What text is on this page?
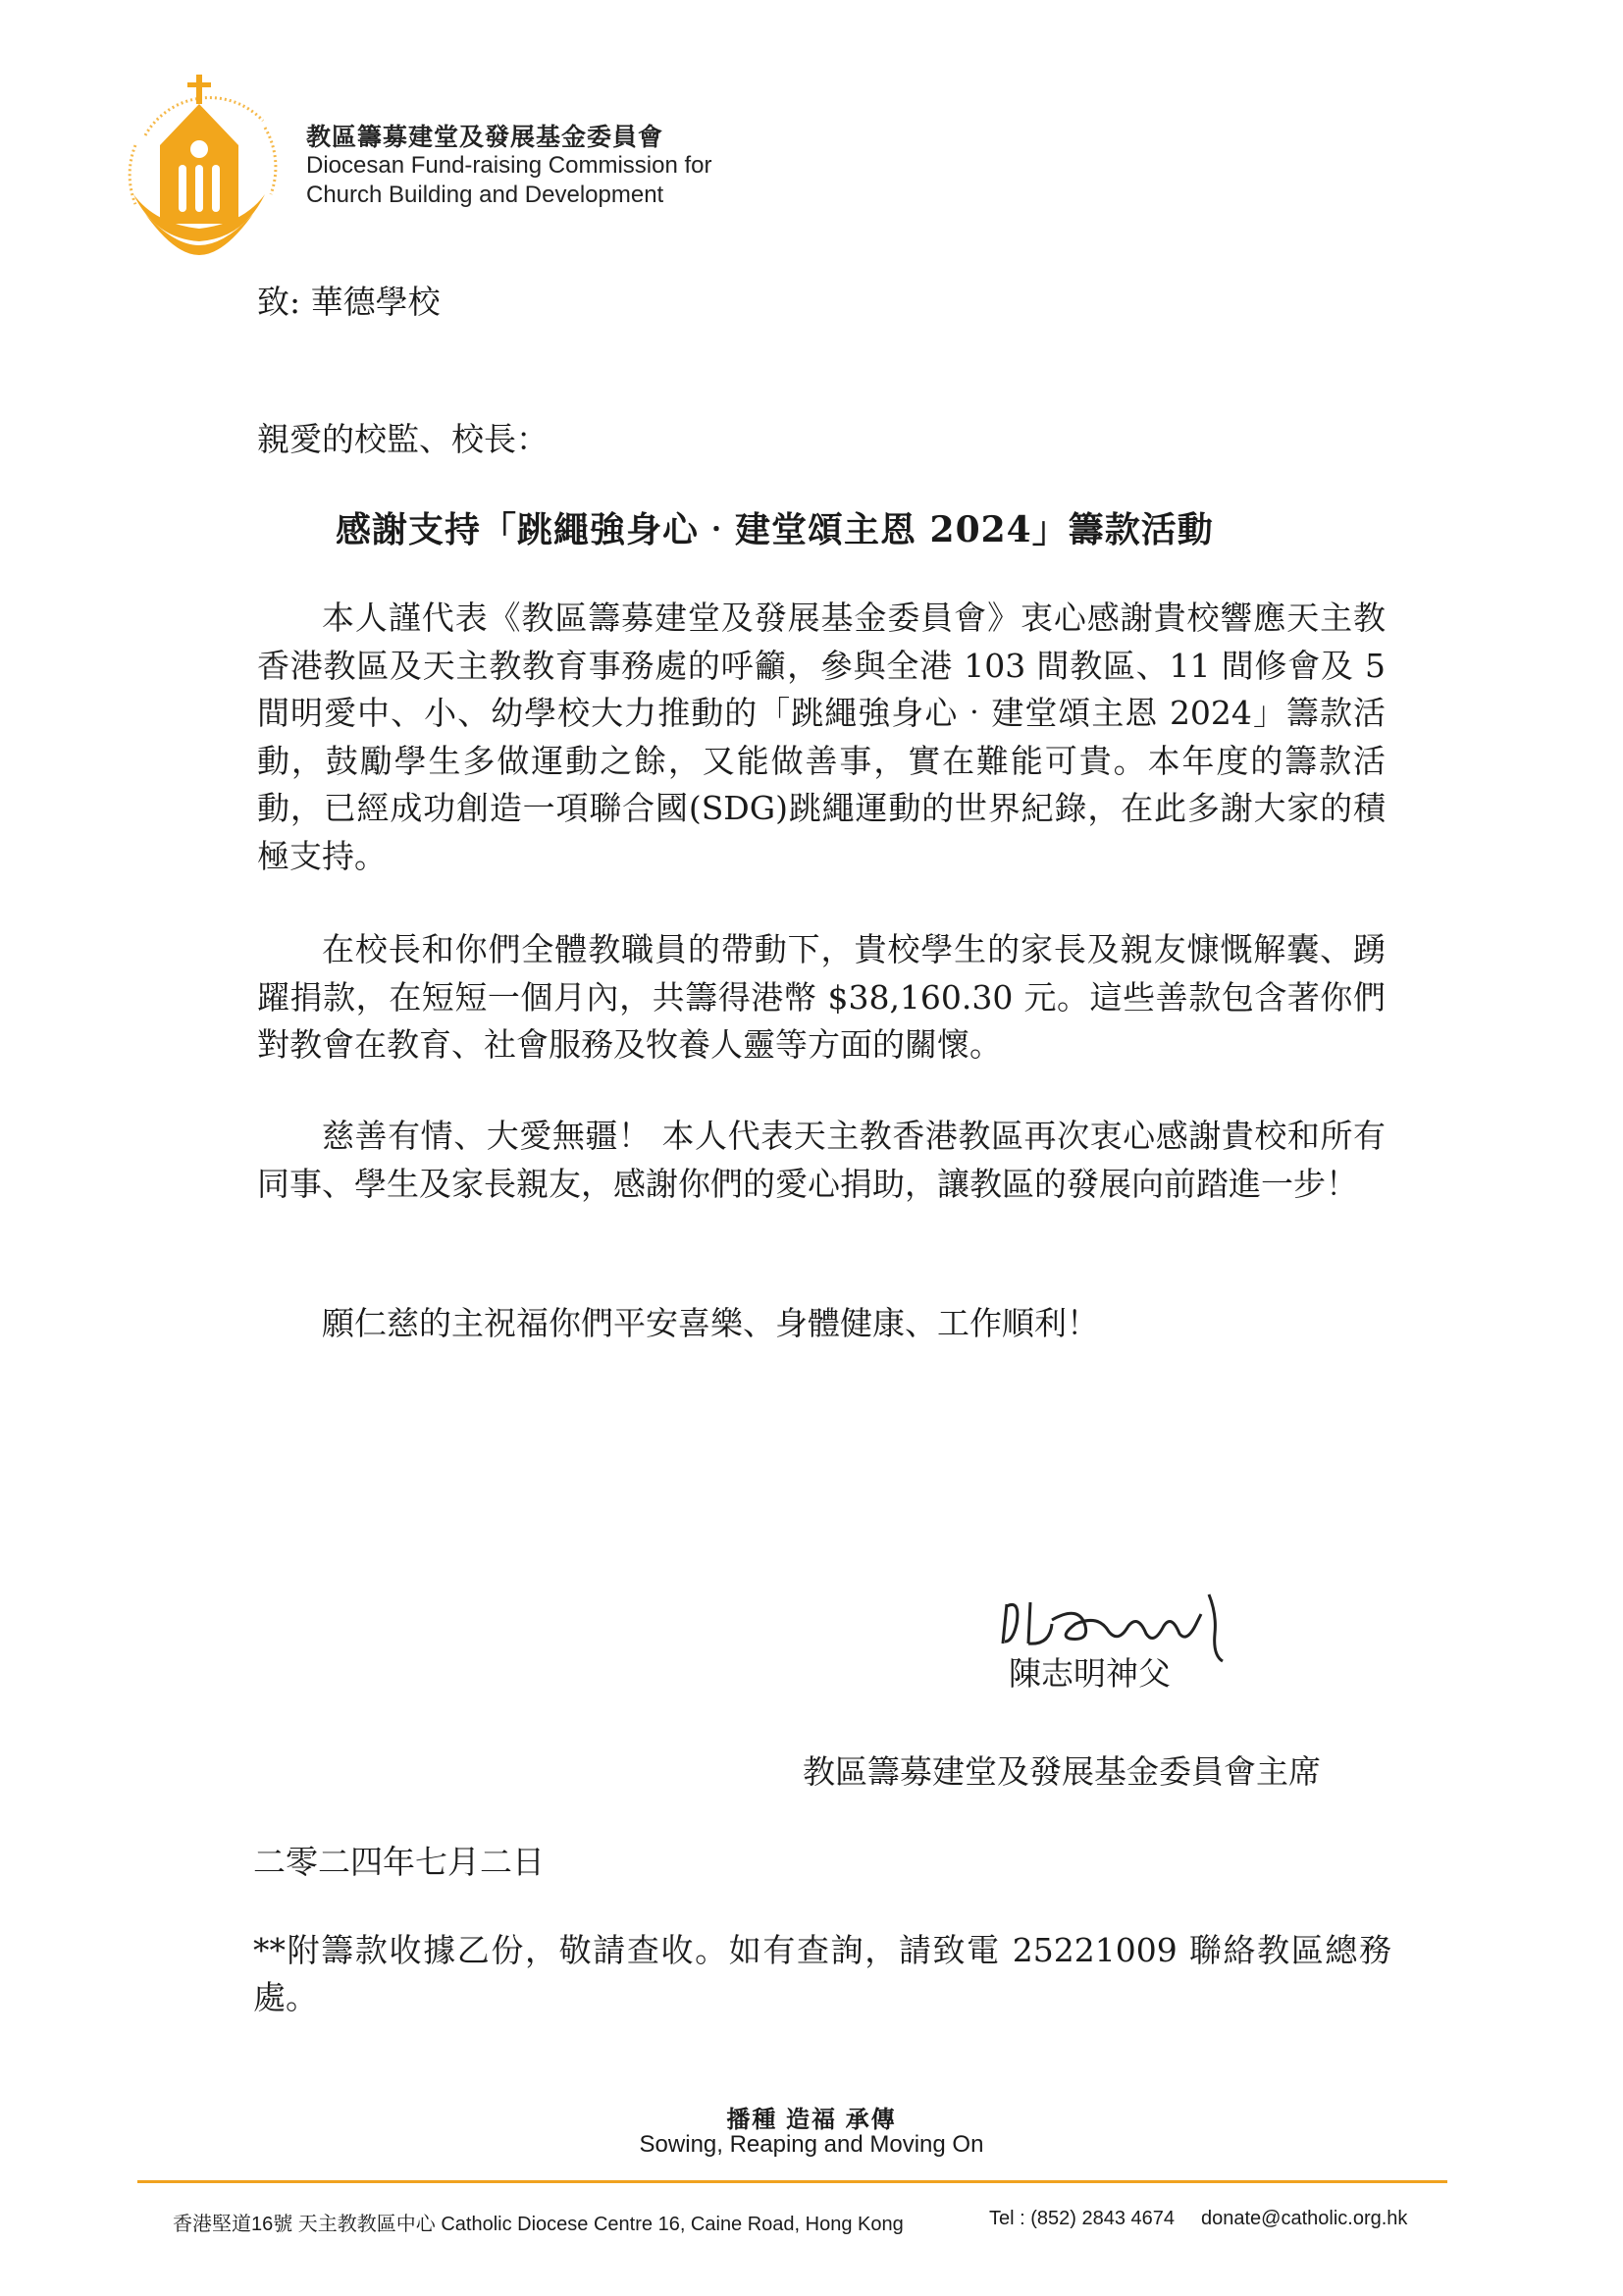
教區籌募建堂及發展基金委員會
Diocesan Fund-raising Commission for
Church Building and Development
致: 華德學校
親愛的校監、校長：
感謝支持「跳繩強身心‧建堂頌主恩 2024」籌款活動

本人謹代表《教區籌募建堂及發展基金委員會》衷心感謝貴校響應天主教香港教區及天主教教育事務處的呼籲，參與全港 103 間教區、11 間修會及 5 間明愛中、小、幼學校大力推動的「跳繩強身心‧建堂頌主恩 2024」籌款活動，鼓勵學生多做運動之餘，又能做善事，實在難能可貴。本年度的籌款活動，已經成功創造一項聯合國(SDG)跳繩運動的世界紀錄，在此多謝大家的積極支持。

在校長和你們全體教職員的帶動下，貴校學生的家長及親友慷慨解囊、踴躍捐款，在短短一個月內，共籌得港幣 $38,160.30 元。這些善款包含著你們對教會在教育、社會服務及牧養人靈等方面的關懷。

慈善有情、大愛無疆！ 本人代表天主教香港教區再次衷心感謝貴校和所有同事、學生及家長親友，感謝你們的愛心捐助，讓教區的發展向前踏進一步！

願仁慈的主祝福你們平安喜樂、身體健康、工作順利！

陳志明神父
教區籌募建堂及發展基金委員會主席
二零二四年七月二日

**附籌款收據乙份，敬請查收。如有查詢，請致電 25221009 聯絡教區總務處。

播種 造福 承傳
Sowing, Reaping and Moving On
香港堅道16號 天主教教區中心 Catholic Diocese Centre 16, Caine Road, Hong Kong	Tel : (852) 2843 4674 donate@catholic.org.hk
